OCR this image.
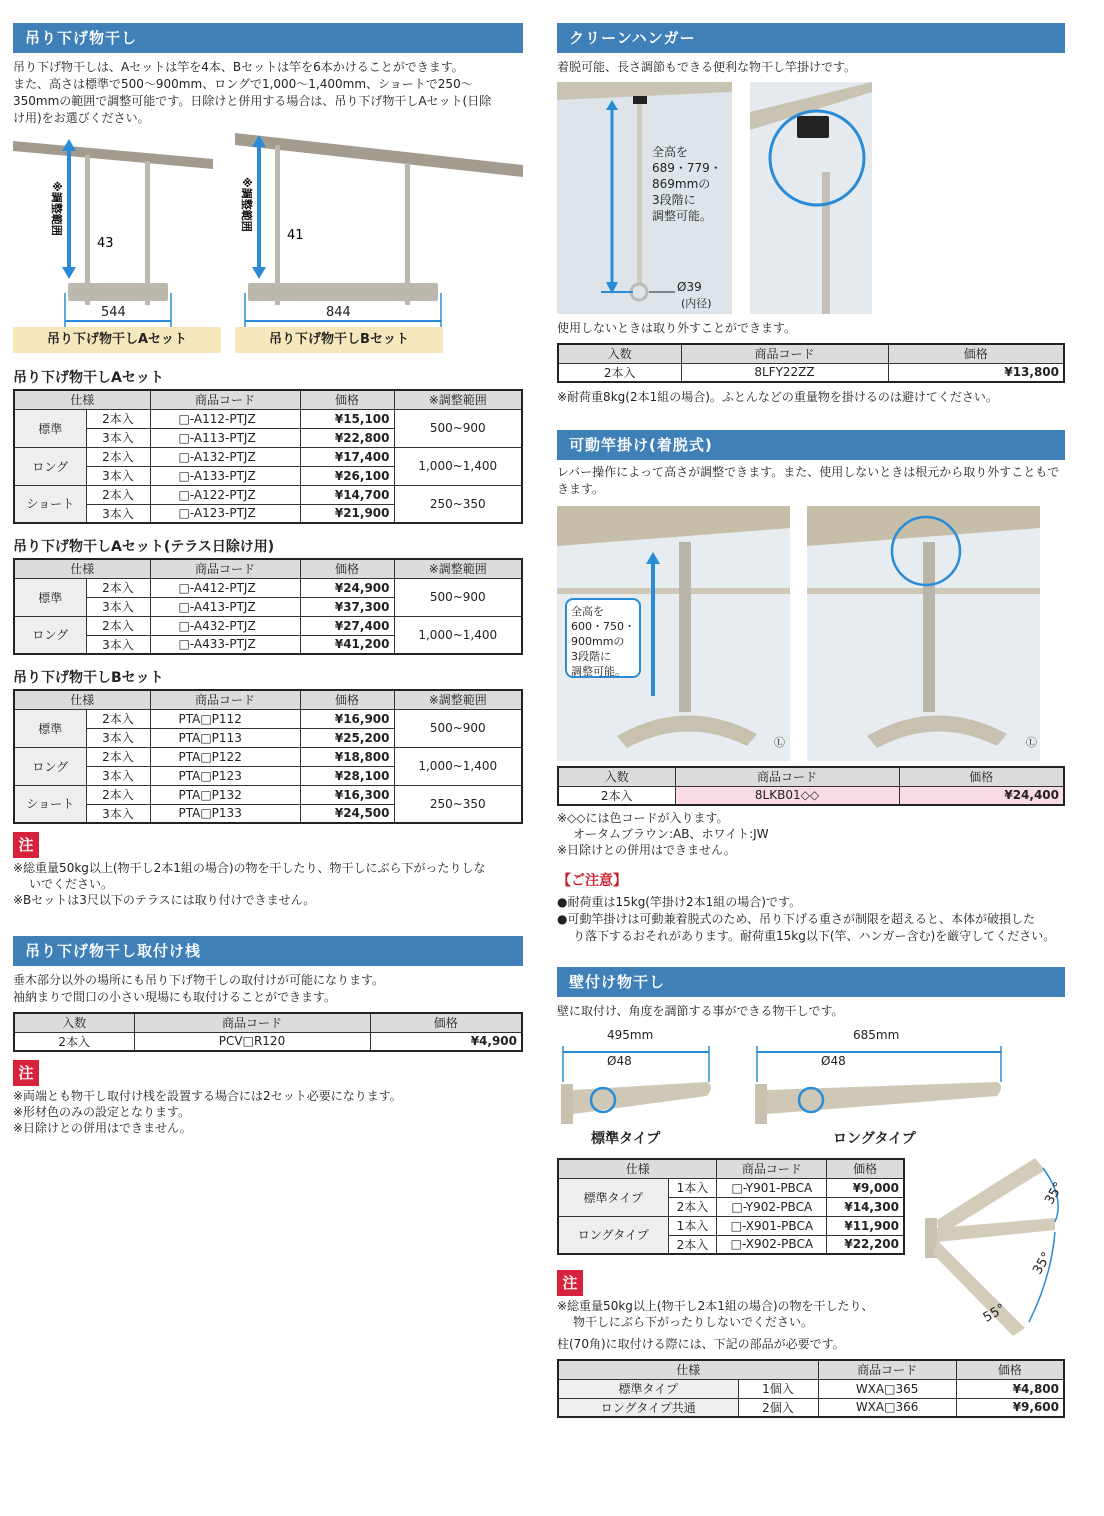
吊り下げ物干し
吊り下げ物干しは、Aセットは竿を4本、Bセットは竿を6本かけることができます。
また、高さは標準で500〜900mm、ロングで1,000〜1,400mm、ショートで250〜
350mmの範囲で調整可能です。日除けと併用する場合は、吊り下げ物干しAセット(日除
け用)をお選びください。
※調整範囲
43
※調整範囲
41
544	844
吊り下げ物干しAセット	吊り下げ物干しBセット
吊り下げ物干しAセット
仕様		商品コード	価格	※調整範囲
標準	2本入	□-A112-PTJZ	¥15,100	500~900
	3本入	□-A113-PTJZ	¥22,800	
ロング	2本入	□-A132-PTJZ	¥17,400	1,000~1,400
	3本入	□-A133-PTJZ	¥26,100	
ショート	2本入	□-A122-PTJZ	¥14,700	250~350
	3本入	□-A123-PTJZ	¥21,900	
吊り下げ物干しAセット(テラス日除け用)
仕様		商品コード	価格	※調整範囲
標準	2本入	□-A412-PTJZ	¥24,900	500~900
	3本入	□-A413-PTJZ	¥37,300	
ロング	2本入	□-A432-PTJZ	¥27,400	1,000~1,400
	3本入	□-A433-PTJZ	¥41,200	
吊り下げ物干しBセット
仕様		商品コード	価格	※調整範囲
標準	2本入	PTA□P112	¥16,900	500~900
	3本入	PTA□P113	¥25,200	
ロング	2本入	PTA□P122	¥18,800	1,000~1,400
	3本入	PTA□P123	¥28,100	
ショート	2本入	PTA□P132	¥16,300	250~350
	3本入	PTA□P133	¥24,500	
注
※総重量50kg以上(物干し2本1組の場合)の物を干したり、物干しにぶら下がったりしな
いでください。
※Bセットは3尺以下のテラスには取り付けできません。
吊り下げ物干し取付け桟
垂木部分以外の場所にも吊り下げ物干しの取付けが可能になります。
袖納まりで間口の小さい現場にも取付けることができます。
入数	商品コード	価格
2本入	PCV□R120	¥4,900
注
※両端とも物干し取付け桟を設置する場合には2セット必要になります。
※形材色のみの設定となります。
※日除けとの併用はできません。
クリーンハンガー
着脱可能、長さ調節もできる便利な物干し竿掛けです。
全高を
689・779・
869mmの
3段階に
調整可能。
Ø39
(内径)
使用しないときは取り外すことができます。
入数	商品コード	価格
2本入	8LFY22ZZ	¥13,800
※耐荷重8kg(2本1組の場合)。ふとんなどの重量物を掛けるのは避けてください。
可動竿掛け(着脱式)
レバー操作によって高さが調整できます。また、使用しないときは根元から取り外すこともで
きます。
全高を
600・750・
900mmの
3段階に
調整可能。
Ⓛ	Ⓛ
入数	商品コード	価格
2本入	8LKB01◇◇	¥24,400
※◇◇には色コードが入ります。
オータムブラウン:AB、ホワイト:JW
※日除けとの併用はできません。
【ご注意】
●耐荷重は15kg(竿掛け2本1組の場合)です。
●可動竿掛けは可動兼着脱式のため、吊り下げる重さが制限を超えると、本体が破損した
り落下するおそれがあります。耐荷重15kg以下(竿、ハンガー含む)を厳守してください。
壁付け物干し
壁に取付け、角度を調節する事ができる物干しです。
495mm	685mm
Ø48	Ø48
標準タイプ	ロングタイプ
仕様		商品コード	価格
標準タイプ	1本入	□-Y901-PBCA	¥9,000
	2本入	□-Y902-PBCA	¥14,300
ロングタイプ	1本入	□-X901-PBCA	¥11,900
	2本入	□-X902-PBCA	¥22,200
35°
35°
55°
注
※総重量50kg以上(物干し2本1組の場合)の物を干したり、
物干しにぶら下がったりしないでください。
柱(70角)に取付ける際には、下記の部品が必要です。
仕様		商品コード	価格
標準タイプ	1個入	WXA□365	¥4,800
ロングタイプ共通	2個入	WXA□366	¥9,600
